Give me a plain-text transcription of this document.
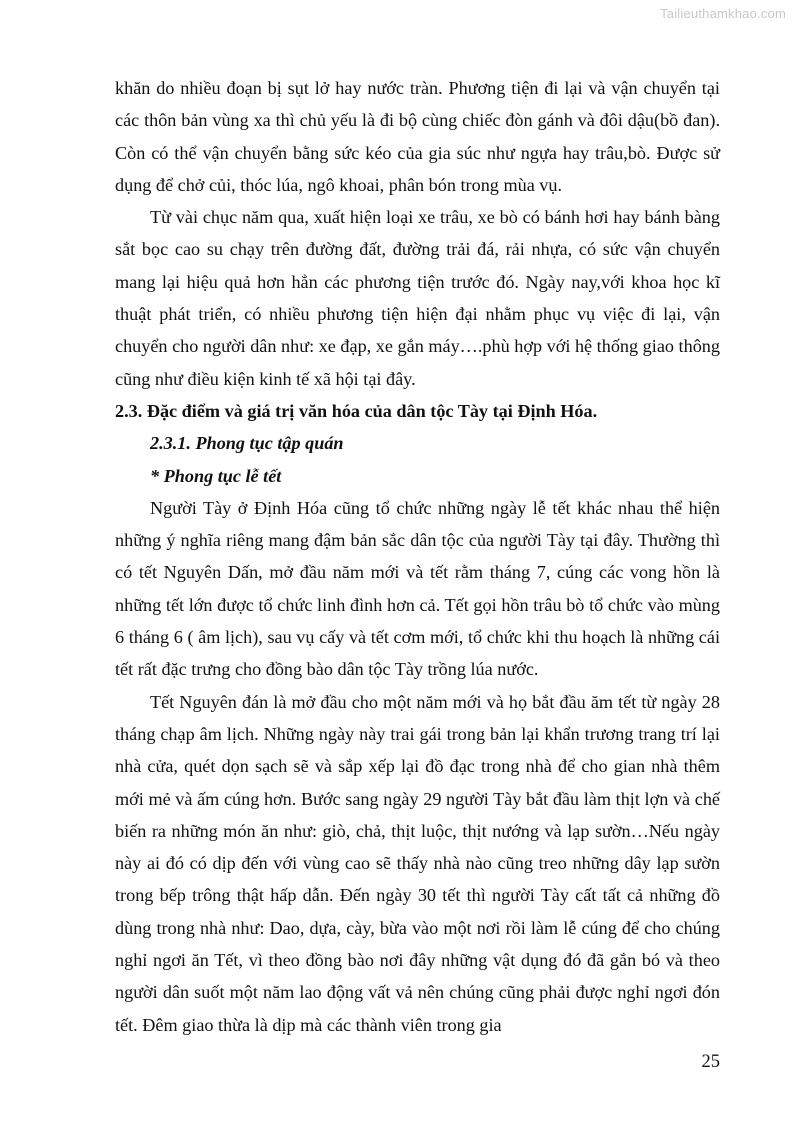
Tailieuthamkhao.com

khăn do nhiều đoạn bị sụt lở hay nước tràn. Phương tiện đi lại và vận chuyển tại các thôn bản vùng xa thì chủ yếu là đi bộ cùng chiếc đòn gánh và đôi dậu(bồ đan). Còn có thể vận chuyển bằng sức kéo của gia súc như ngựa hay trâu,bò. Được sử dụng để chở củi, thóc lúa, ngô khoai, phân bón trong mùa vụ.

Từ vài chục năm qua, xuất hiện loại xe trâu, xe bò có bánh hơi hay bánh bàng sắt bọc cao su chạy trên đường đất, đường trải đá, rải nhựa, có sức vận chuyển mang lại hiệu quả hơn hẳn các phương tiện trước đó. Ngày nay,với khoa học kĩ thuật phát triển, có nhiều phương tiện hiện đại nhằm phục vụ việc đi lại, vận chuyển cho người dân như: xe đạp, xe gắn máy….phù hợp với hệ thống giao thông cũng như điều kiện kinh tế xã hội tại đây.

2.3. Đặc điểm và giá trị văn hóa của dân tộc Tày tại Định Hóa.

2.3.1. Phong tục tập quán

* Phong tục lễ tết

Người Tày ở Định Hóa cũng tổ chức những ngày lễ tết khác nhau thể hiện những ý nghĩa riêng mang đậm bản sắc dân tộc của người Tày tại đây. Thường thì có tết Nguyên Dấn, mở đầu năm mới và tết rằm tháng 7, cúng các vong hồn là những tết lớn được tổ chức linh đình hơn cả. Tết gọi hồn trâu bò tổ chức vào mùng 6 tháng 6 ( âm lịch), sau vụ cấy và tết cơm mới, tổ chức khi thu hoạch là những cái tết rất đặc trưng cho đồng bào dân tộc Tày trồng lúa nước.

Tết Nguyên đán là mở đầu cho một năm mới và họ bắt đầu ăm tết từ ngày 28 tháng chạp âm lịch. Những ngày này trai gái trong bản lại khẩn trương trang trí lại nhà cửa, quét dọn sạch sẽ và sắp xếp lại đồ đạc trong nhà để cho gian nhà thêm mới mẻ và ấm cúng hơn. Bước sang ngày 29 người Tày bắt đầu làm thịt lợn và chế biến ra những món ăn như: giò, chả, thịt luộc, thịt nướng và lạp sườn…Nếu ngày này ai đó có dịp đến với vùng cao sẽ thấy nhà nào cũng treo những dây lạp sườn trong bếp trông thật hấp dẫn. Đến ngày 30 tết thì người Tày cất tất cả những đồ dùng trong nhà như: Dao, dựa, cày, bừa vào một nơi rồi làm lễ cúng để cho chúng nghỉ ngơi ăn Tết, vì theo đồng bào nơi đây những vật dụng đó đã gắn bó và theo người dân suốt một năm lao động vất vả nên chúng cũng phải được nghỉ ngơi đón tết. Đêm giao thừa là dịp mà các thành viên trong gia

25
